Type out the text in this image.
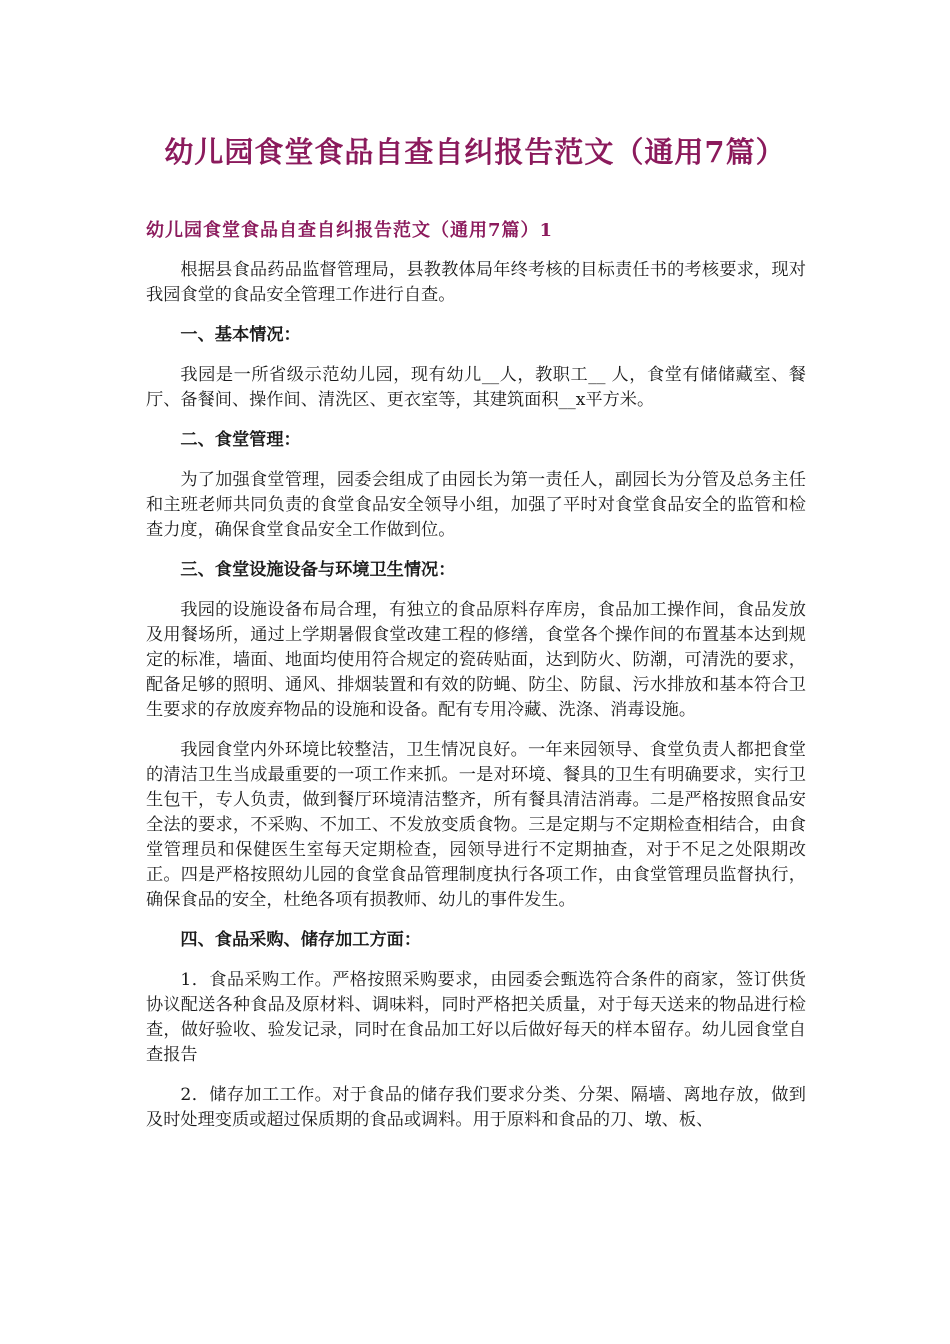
幼儿园食堂食品自查自纠报告范文（通用7篇）
幼儿园食堂食品自查自纠报告范文（通用7篇）1

根据县食品药品监督管理局，县教教体局年终考核的目标责任书的考核要求，现对我园食堂的食品安全管理工作进行自查。

一、基本情况：

我园是一所省级示范幼儿园，现有幼儿__人，教职工__ 人，食堂有储储藏室、餐厅、备餐间、操作间、清洗区、更衣室等，其建筑面积__x平方米。

二、食堂管理：

为了加强食堂管理，园委会组成了由园长为第一责任人，副园长为分管及总务主任和主班老师共同负责的食堂食品安全领导小组，加强了平时对食堂食品安全的监管和检查力度，确保食堂食品安全工作做到位。

三、食堂设施设备与环境卫生情况：

我园的设施设备布局合理，有独立的食品原料存库房，食品加工操作间，食品发放及用餐场所，通过上学期暑假食堂改建工程的修缮，食堂各个操作间的布置基本达到规定的标准，墙面、地面均使用符合规定的瓷砖贴面，达到防火、防潮，可清洗的要求，配备足够的照明、通风、排烟装置和有效的防蝇、防尘、防鼠、污水排放和基本符合卫生要求的存放废弃物品的设施和设备。配有专用冷藏、洗涤、消毒设施。

我园食堂内外环境比较整洁，卫生情况良好。一年来园领导、食堂负责人都把食堂的清洁卫生当成最重要的一项工作来抓。一是对环境、餐具的卫生有明确要求，实行卫生包干，专人负责，做到餐厅环境清洁整齐，所有餐具清洁消毒。二是严格按照食品安全法的要求，不采购、不加工、不发放变质食物。三是定期与不定期检查相结合，由食堂管理员和保健医生室每天定期检查，园领导进行不定期抽查，对于不足之处限期改正。四是严格按照幼儿园的食堂食品管理制度执行各项工作，由食堂管理员监督执行，确保食品的安全，杜绝各项有损教师、幼儿的事件发生。

四、食品采购、储存加工方面：

1．食品采购工作。严格按照采购要求，由园委会甄选符合条件的商家，签订供货协议配送各种食品及原材料、调味料，同时严格把关质量，对于每天送来的物品进行检查，做好验收、验发记录，同时在食品加工好以后做好每天的样本留存。幼儿园食堂自查报告

2．储存加工工作。对于食品的储存我们要求分类、分架、隔墙、离地存放，做到及时处理变质或超过保质期的食品或调料。用于原料和食品的刀、墩、板、
